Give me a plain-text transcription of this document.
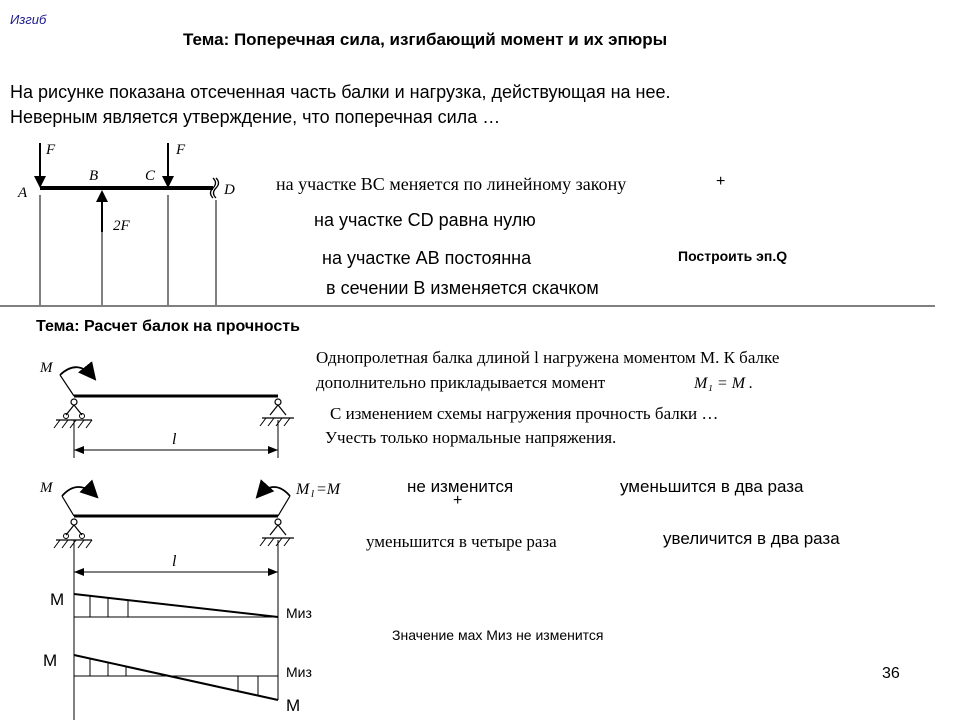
Изгиб
Тема: Поперечная сила, изгибающий момент и их эпюры
На рисунке показана отсеченная часть балки и нагрузка, действующая на нее.
Неверным является утверждение, что поперечная сила …
на участке BC меняется по линейному закону	+
на участке CD равна нулю
на участке AB постоянна	Построить эп.Q
в сечении B изменяется скачком
F	F
A
B	C
D
2F
Тема: Расчет балок на прочность
Однопролетная балка длиной l нагружена моментом M. К балке
дополнительно прикладывается момент	M₁ = M .
С изменением схемы нагружения прочность балки …
Учесть только нормальные напряжения.
не изменится
+
уменьшится в два раза
уменьшится в четыре раза	увеличится в два раза
Значение мах Миз не изменится
36
M
l
M	M l =M
l
M
Миз
M
Миз
M
